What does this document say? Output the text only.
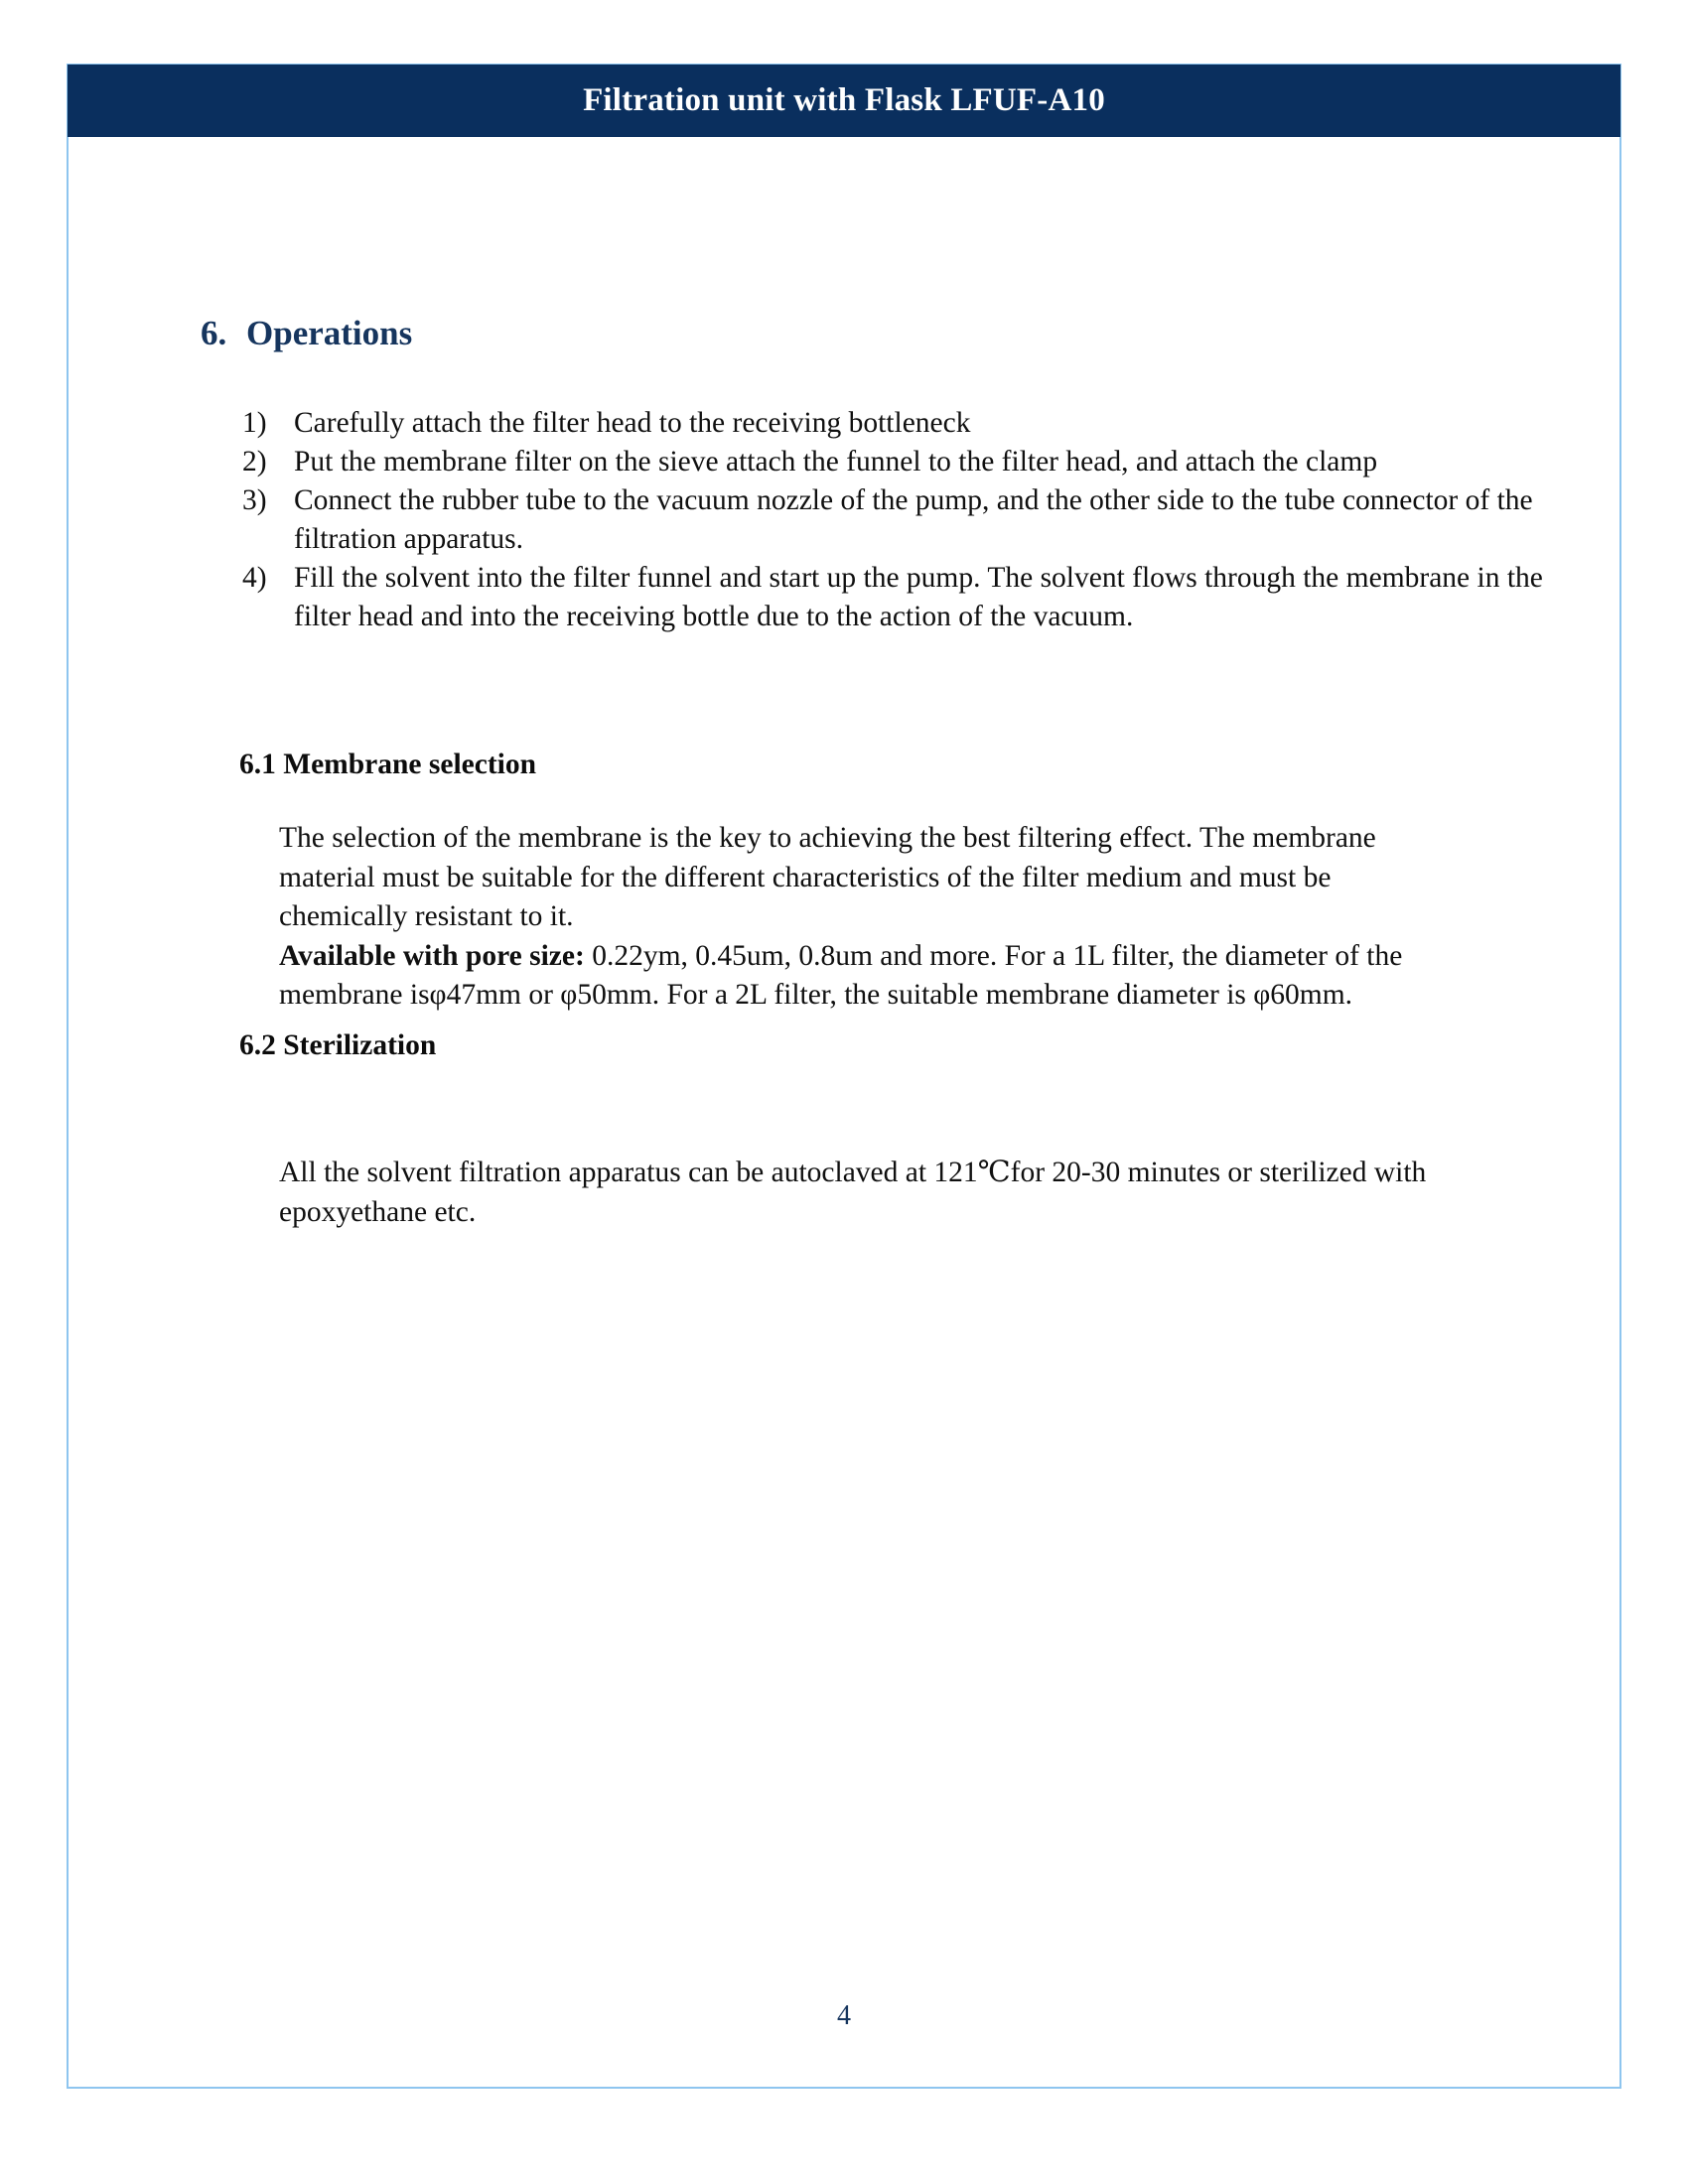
Filtration unit with Flask LFUF-A10
6. Operations
1) Carefully attach the filter head to the receiving bottleneck
2) Put the membrane filter on the sieve attach the funnel to the filter head, and attach the clamp
3) Connect the rubber tube to the vacuum nozzle of the pump, and the other side to the tube connector of the filtration apparatus.
4) Fill the solvent into the filter funnel and start up the pump. The solvent flows through the membrane in the filter head and into the receiving bottle due to the action of the vacuum.
6.1 Membrane selection
The selection of the membrane is the key to achieving the best filtering effect. The membrane material must be suitable for the different characteristics of the filter medium and must be chemically resistant to it.
Available with pore size: 0.22ym, 0.45um, 0.8um and more. For a 1L filter, the diameter of the membrane isφ47mm or φ50mm. For a 2L filter, the suitable membrane diameter is φ60mm.
6.2 Sterilization
All the solvent filtration apparatus can be autoclaved at 121℃for 20-30 minutes or sterilized with epoxyethane etc.
4
